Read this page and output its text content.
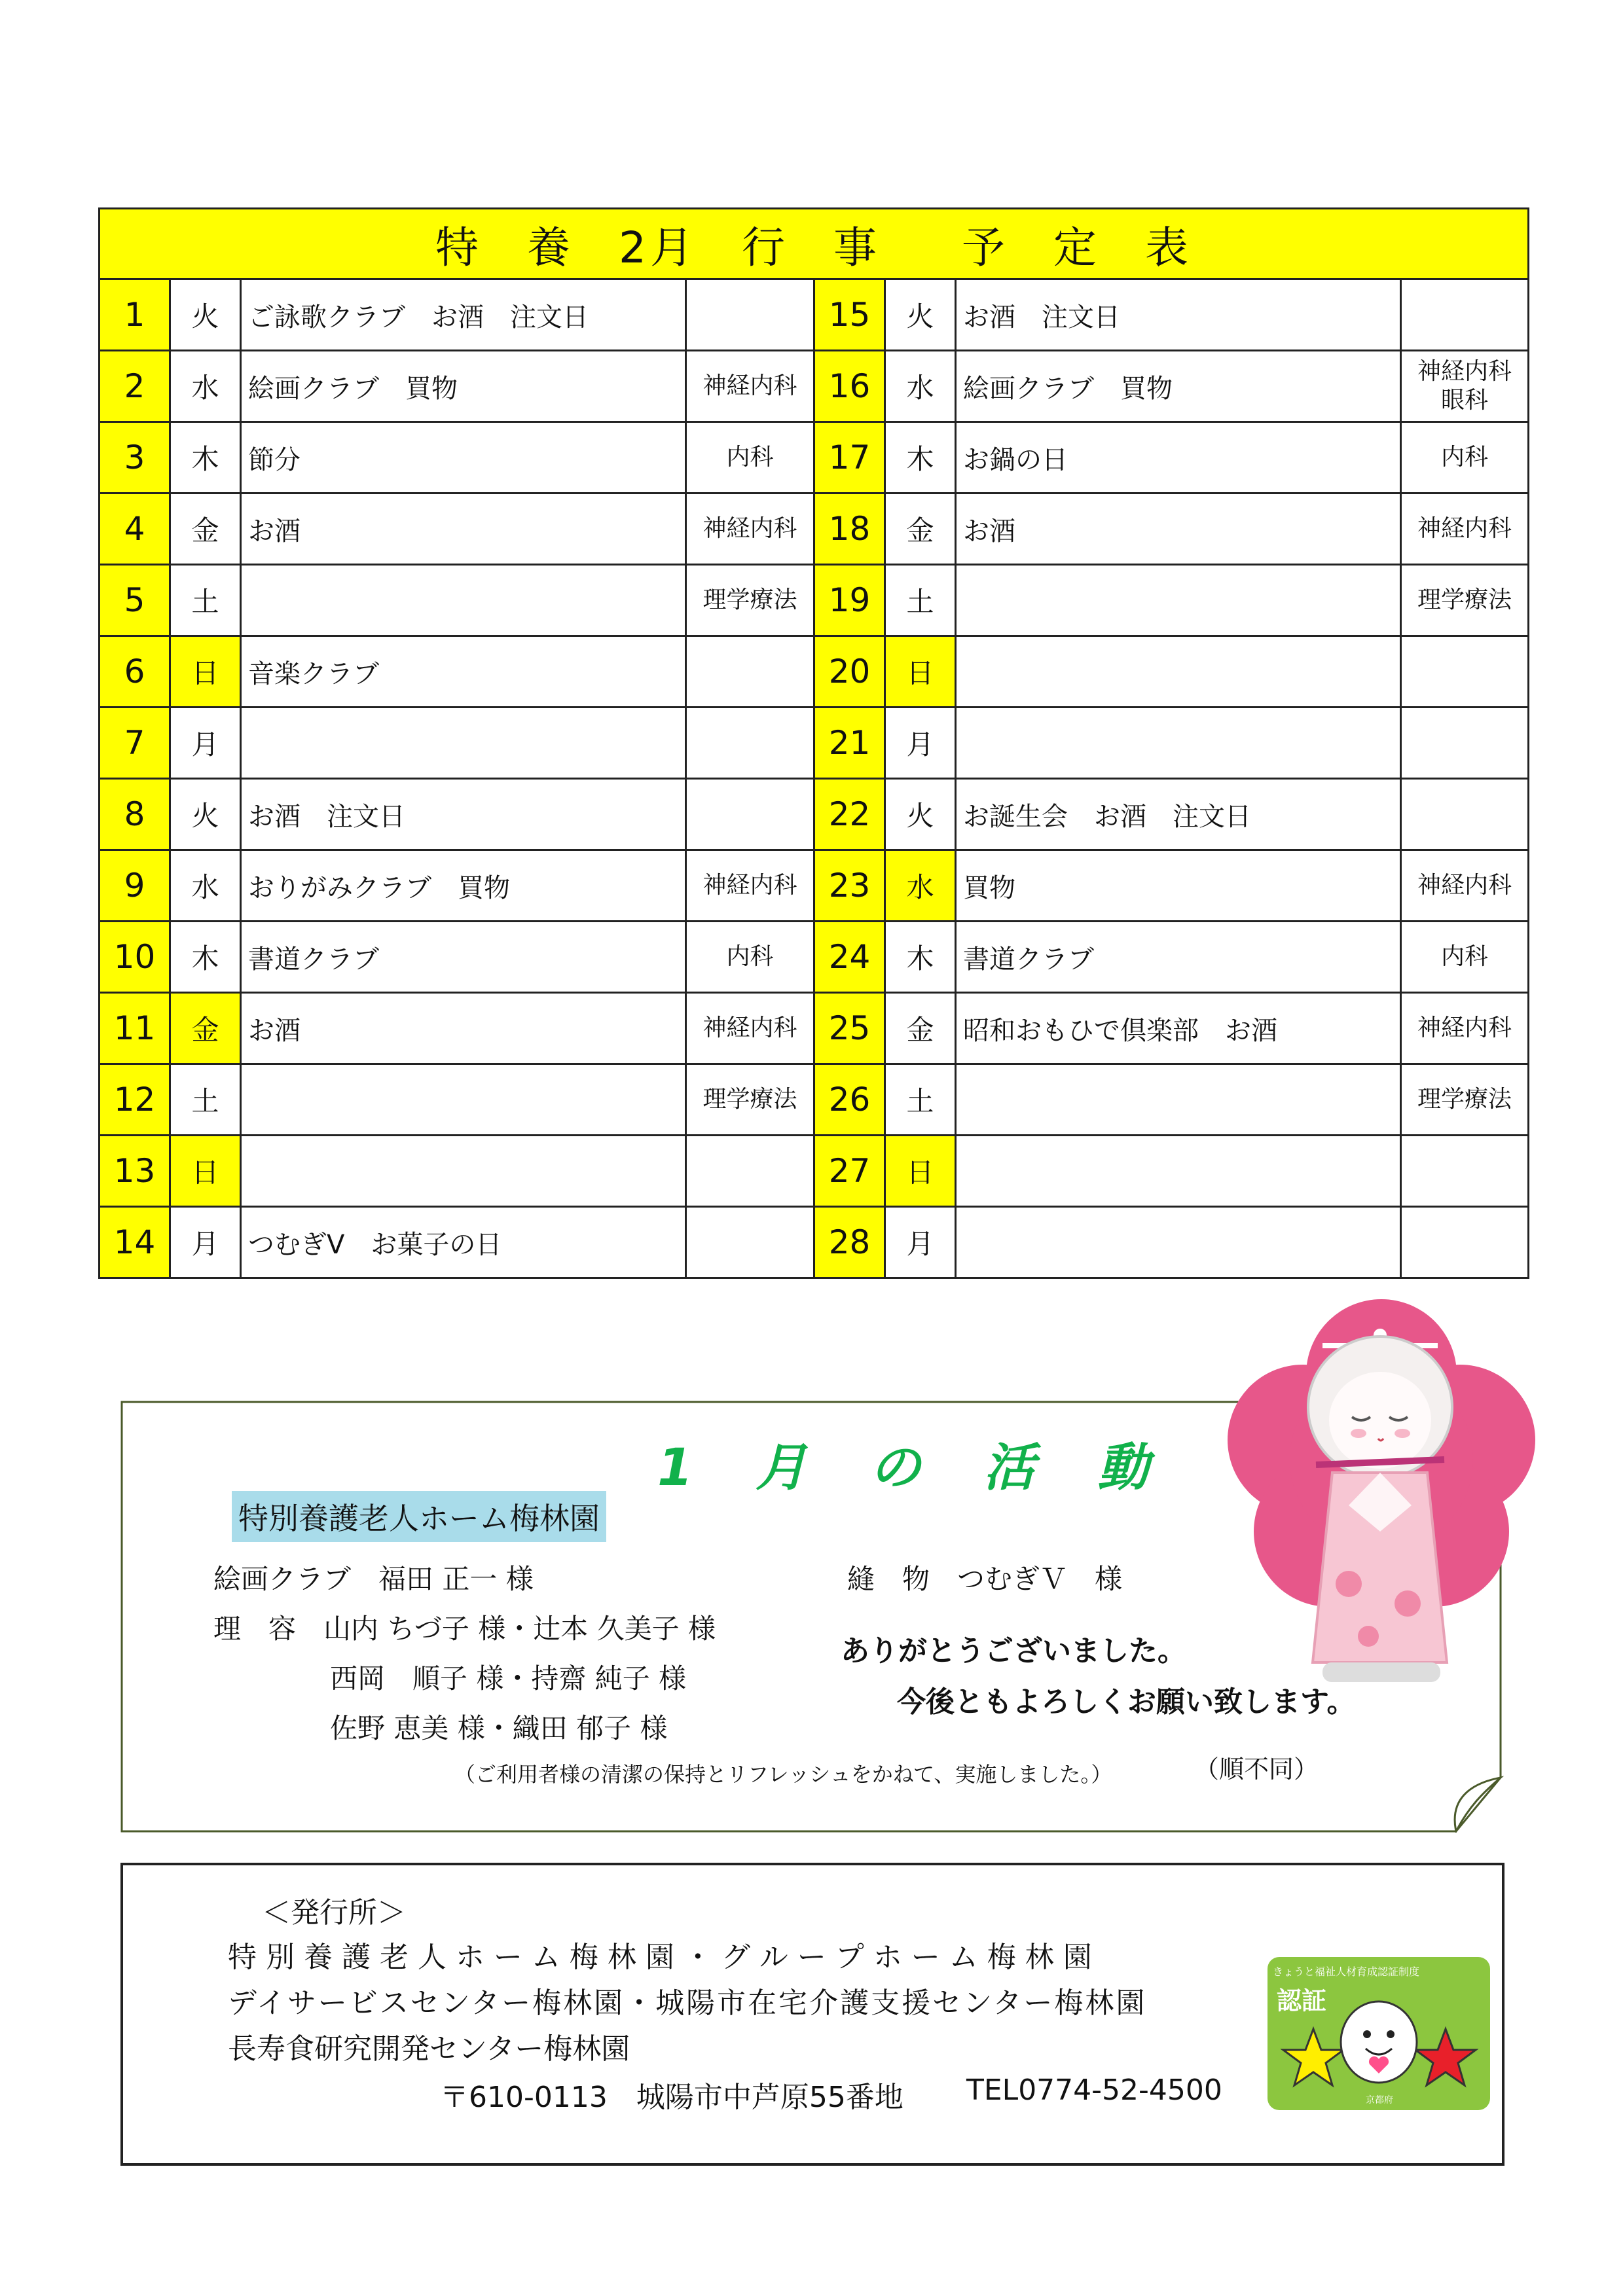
特 養 2月 行 事 予 定 表							

1	火	ご詠歌クラブ　お酒　注文日		15	火	お酒　注文日	

2	水	絵画クラブ　買物	神経内科	16	水	絵画クラブ　買物	神経内科
眼科

3	木	節分	内科	17	木	お鍋の日	内科

4	金	お酒	神経内科	18	金	お酒	神経内科

5	土		理学療法	19	土		理学療法

6	日	音楽クラブ		20	日		

7	月			21	月		

8	火	お酒　注文日		22	火	お誕生会　お酒　注文日	

9	水	おりがみクラブ　買物	神経内科	23	水	買物	神経内科

10	木	書道クラブ	内科	24	木	書道クラブ	内科

11	金	お酒	神経内科	25	金	昭和おもひで倶楽部　お酒	神経内科

12	土		理学療法	26	土		理学療法

13	日			27	日		

14	月	つむぎV　お菓子の日		28	月		
1 月 の 活 動
特別養護老人ホーム梅林園
絵画クラブ　福田 正一 様
理　容　山内 ちづ子 様・辻本 久美子 様
西岡　順子 様・持齋 純子 様
佐野 恵美 様・織田 郁子 様
縫　物　つむぎＶ　様
ありがとうございました。
今後ともよろしくお願い致します。
（ご利用者様の清潔の保持とリフレッシュをかねて、実施しました。）	（順不同）
＜発行所＞
特 別 養 護 老 人 ホ ー ム 梅 林 園 ・ グ ル ー プ ホ ー ム 梅 林 園
デイサービスセンター梅林園・城陽市在宅介護支援センター梅林園
長寿食研究開発センター梅林園
〒610-0113　城陽市中芦原55番地 TEL0774-52-4500
きょうと福祉人材育成認証制度
認証
京都府
